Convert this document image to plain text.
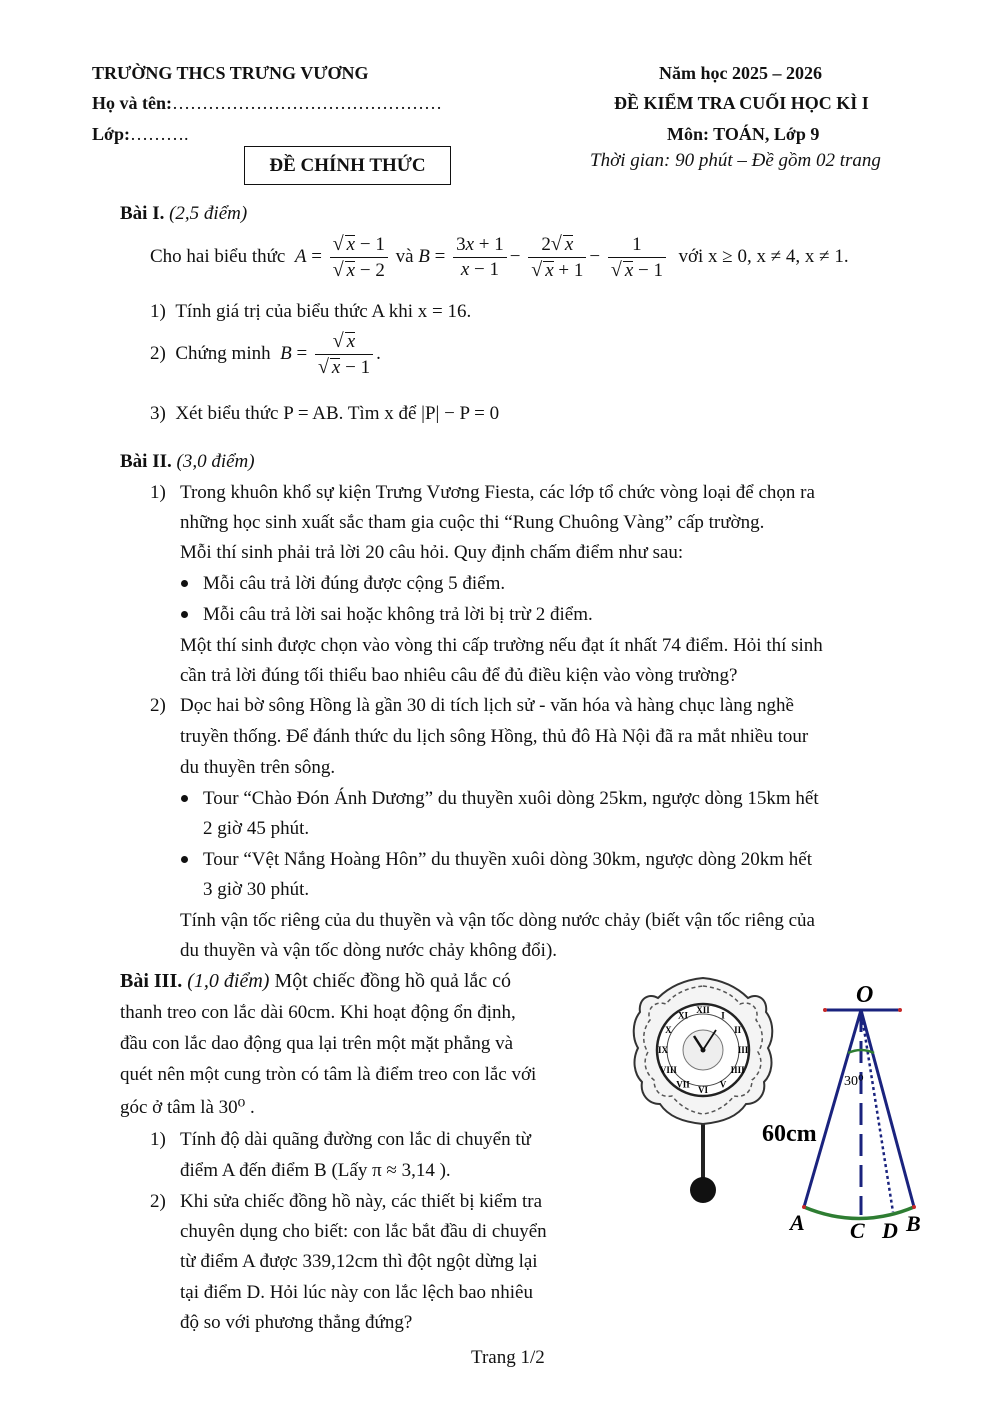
TRƯỜNG THCS TRƯNG VƯƠNG
Họ và tên:………………………………………
Lớp:……….
ĐỀ CHÍNH THỨC
Năm học 2025 – 2026
ĐỀ KIỂM TRA CUỐI HỌC KÌ I
Môn: TOÁN, Lớp 9
Thời gian: 90 phút – Đề gồm 02 trang
Bài I. (2,5 điểm)
Cho hai biểu thức $A = \frac{√ x - 1}{√ x - 2}$ và $B = \frac{3x + 1}{x - 1} - \frac{2√ x}{√ x + 1} - \frac{1}{√ x - 1}$ với x ≥ 0, x ≠ 4, x ≠ 1.
1) Tính giá trị của biểu thức A khi x = 16.
2) Chứng minh $B = \frac{√ x}{√ x - 1}$ .
3) Xét biểu thức P = AB. Tìm x để |P| − P = 0
Bài II. (3,0 điểm)
1) Trong khuôn khổ sự kiện Trưng Vương Fiesta, các lớp tổ chức vòng loại để chọn ra
những học sinh xuất sắc tham gia cuộc thi “Rung Chuông Vàng” cấp trường.
Mỗi thí sinh phải trả lời 20 câu hỏi. Quy định chấm điểm như sau:
Mỗi câu trả lời đúng được cộng 5 điểm.
Mỗi câu trả lời sai hoặc không trả lời bị trừ 2 điểm.
Một thí sinh được chọn vào vòng thi cấp trường nếu đạt ít nhất 74 điểm. Hỏi thí sinh
cần trả lời đúng tối thiểu bao nhiêu câu để đủ điều kiện vào vòng trường?
2) Dọc hai bờ sông Hồng là gần 30 di tích lịch sử - văn hóa và hàng chục làng nghề
truyền thống. Để đánh thức du lịch sông Hồng, thủ đô Hà Nội đã ra mắt nhiều tour
du thuyền trên sông.
Tour “Chào Đón Ánh Dương” du thuyền xuôi dòng 25km, ngược dòng 15km hết
2 giờ 45 phút.
Tour “Vệt Nắng Hoàng Hôn” du thuyền xuôi dòng 30km, ngược dòng 20km hết
3 giờ 30 phút.
Tính vận tốc riêng của du thuyền và vận tốc dòng nước chảy (biết vận tốc riêng của
du thuyền và vận tốc dòng nước chảy không đổi).
Bài III. (1,0 điểm) Một chiếc đồng hồ quả lắc có
thanh treo con lắc dài 60cm. Khi hoạt động ổn định,
đầu con lắc dao động qua lại trên một mặt phẳng và
quét nên một cung tròn có tâm là điểm treo con lắc với
góc ở tâm là 30⁰ .
1) Tính độ dài quãng đường con lắc di chuyển từ
điểm A đến điểm B (Lấy π ≈ 3,14 ).
2) Khi sửa chiếc đồng hồ này, các thiết bị kiểm tra
chuyên dụng cho biết: con lắc bắt đầu di chuyển
từ điểm A được 339,12cm thì đột ngột dừng lại
tại điểm D. Hỏi lúc này con lắc lệch bao nhiêu
độ so với phương thẳng đứng?
XII
I
II
III
IIII
V
VI
VII
VIII
IX
X
XI
O
30⁰
60cm
A C D B
Trang 1/2
